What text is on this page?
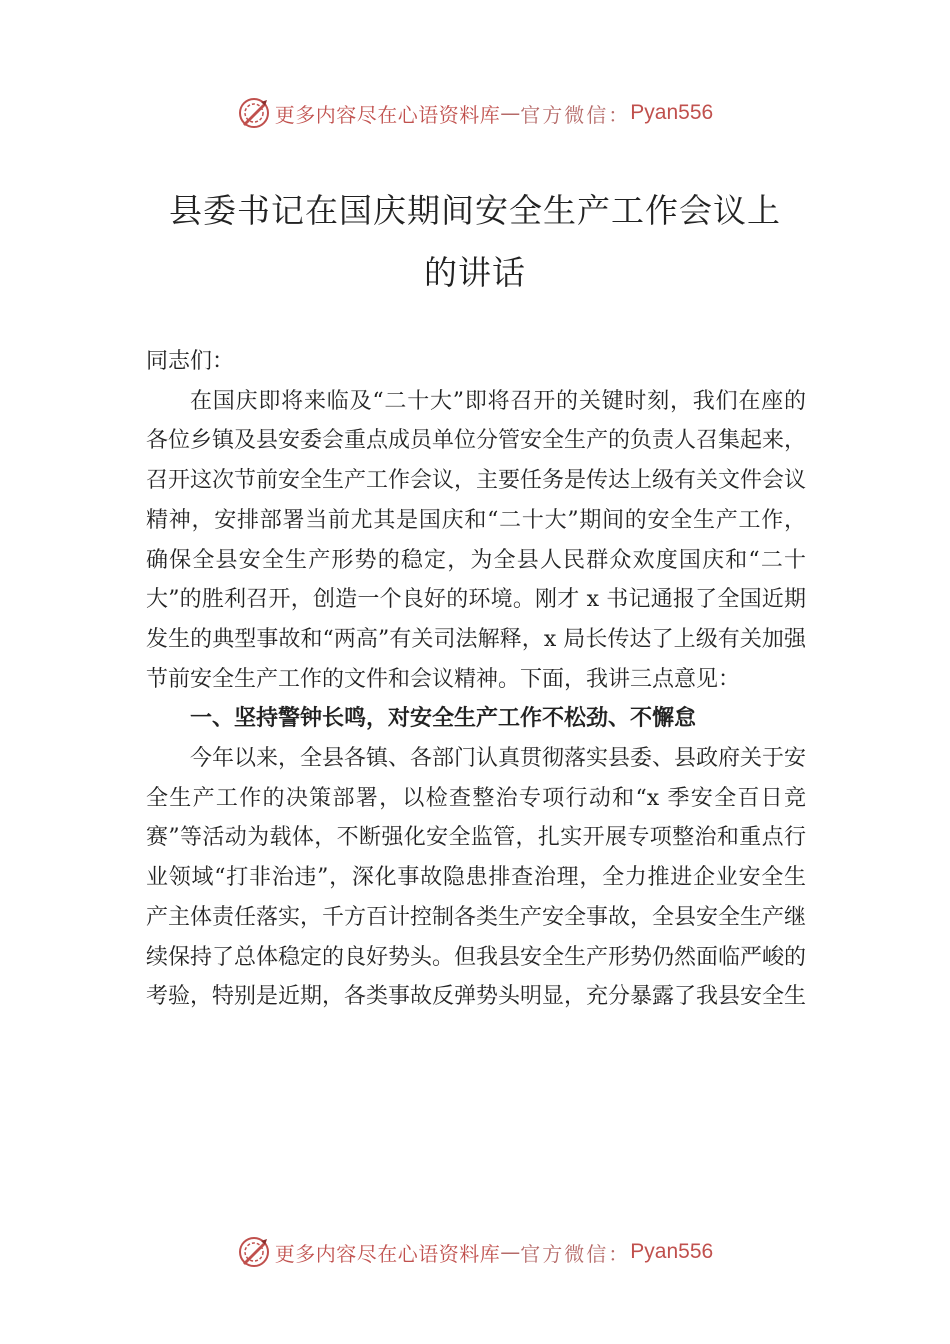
更多内容尽在心语资料库 — 官方微信： Pyan556
县委书记在国庆期间安全生产工作会议上
的讲话

同志们：

在国庆即将来临及“二十大”即将召开的关键时刻，我们在座的各位乡镇及县安委会重点成员单位分管安全生产的负责人召集起来，召开这次节前安全生产工作会议，主要任务是传达上级有关文件会议精神，安排部署当前尤其是国庆和“二十大”期间的安全生产工作，确保全县安全生产形势的稳定，为全县人民群众欢度国庆和“二十大”的胜利召开，创造一个良好的环境。刚才 x 书记通报了全国近期发生的典型事故和“两高”有关司法解释，x 局长传达了上级有关加强节前安全生产工作的文件和会议精神。下面，我讲三点意见：

一、坚持警钟长鸣，对安全生产工作不松劲、不懈怠

今年以来，全县各镇、各部门认真贯彻落实县委、县政府关于安全生产工作的决策部署，以检查整治专项行动和“x 季安全百日竞赛”等活动为载体，不断强化安全监管，扎实开展专项整治和重点行业领域“打非治违”，深化事故隐患排查治理，全力推进企业安全生产主体责任落实，千方百计控制各类生产安全事故，全县安全生产继续保持了总体稳定的良好势头。但我县安全生产形势仍然面临严峻的考验，特别是近期，各类事故反弹势头明显，充分暴露了我县安全生

更多内容尽在心语资料库 — 官方微信： Pyan556
